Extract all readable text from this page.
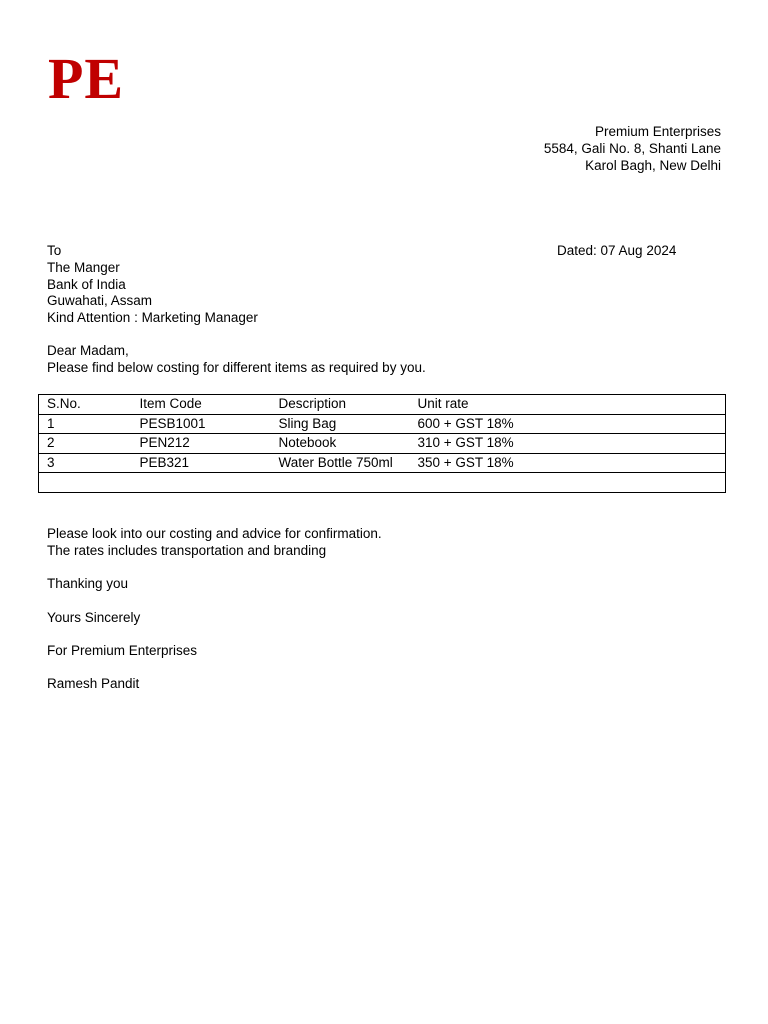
PE
Premium Enterprises
5584, Gali No. 8, Shanti Lane
Karol Bagh, New Delhi
To
The Manger
Bank of India
Guwahati, Assam
Kind Attention : Marketing Manager
Dated: 07 Aug 2024
Dear Madam,
Please find below costing for different items as required by you.
S.No.	Item Code	Description	Unit rate
1	PESB1001	Sling Bag	600 + GST 18%
2	PEN212	Notebook	310 + GST 18%
3	PEB321	Water Bottle 750ml	350 + GST 18%

Please look into our costing and advice for confirmation.
The rates includes transportation and branding
Thanking you
Yours Sincerely
For Premium Enterprises
Ramesh Pandit
